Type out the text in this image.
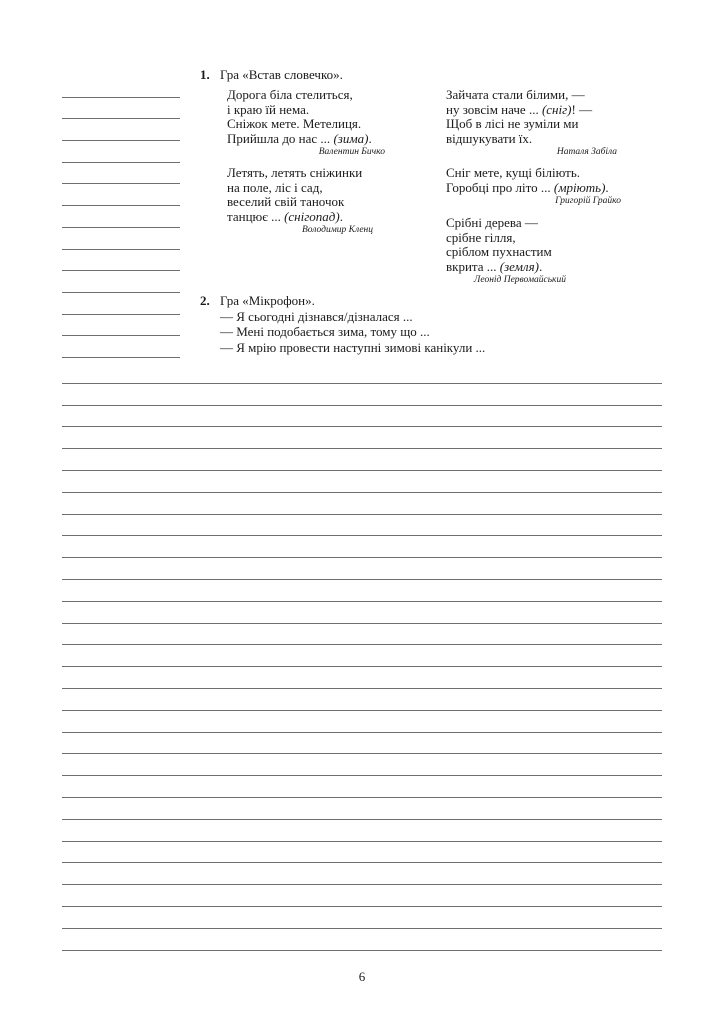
1. Гра «Встав словечко».
Дорога біла стелиться,
і краю їй нема.
Сніжок мете. Метелиця.
Прийшла до нас ... (зима).
Валентин Бичко
Летять, летять сніжинки
на поле, ліс і сад,
веселий свій таночок
танцює ... (снігопад).
Володимир Кленц
Зайчата стали білими, —
ну зовсім наче ... (сніг)! —
Щоб в лісі не зуміли ми
відшукувати їх.
Наталя Забіла
Сніг мете, кущі біліють.
Горобці про літо ... (мріють).
Григорій Грайко
Срібні дерева —
срібне гілля,
сріблом пухнастим
вкрита ... (земля).
Леонід Первомайський
2. Гра «Мікрофон».
— Я сьогодні дізнався/дізналася ...
— Мені подобається зима, тому що ...
— Я мрію провести наступні зимові канікули ...
6
